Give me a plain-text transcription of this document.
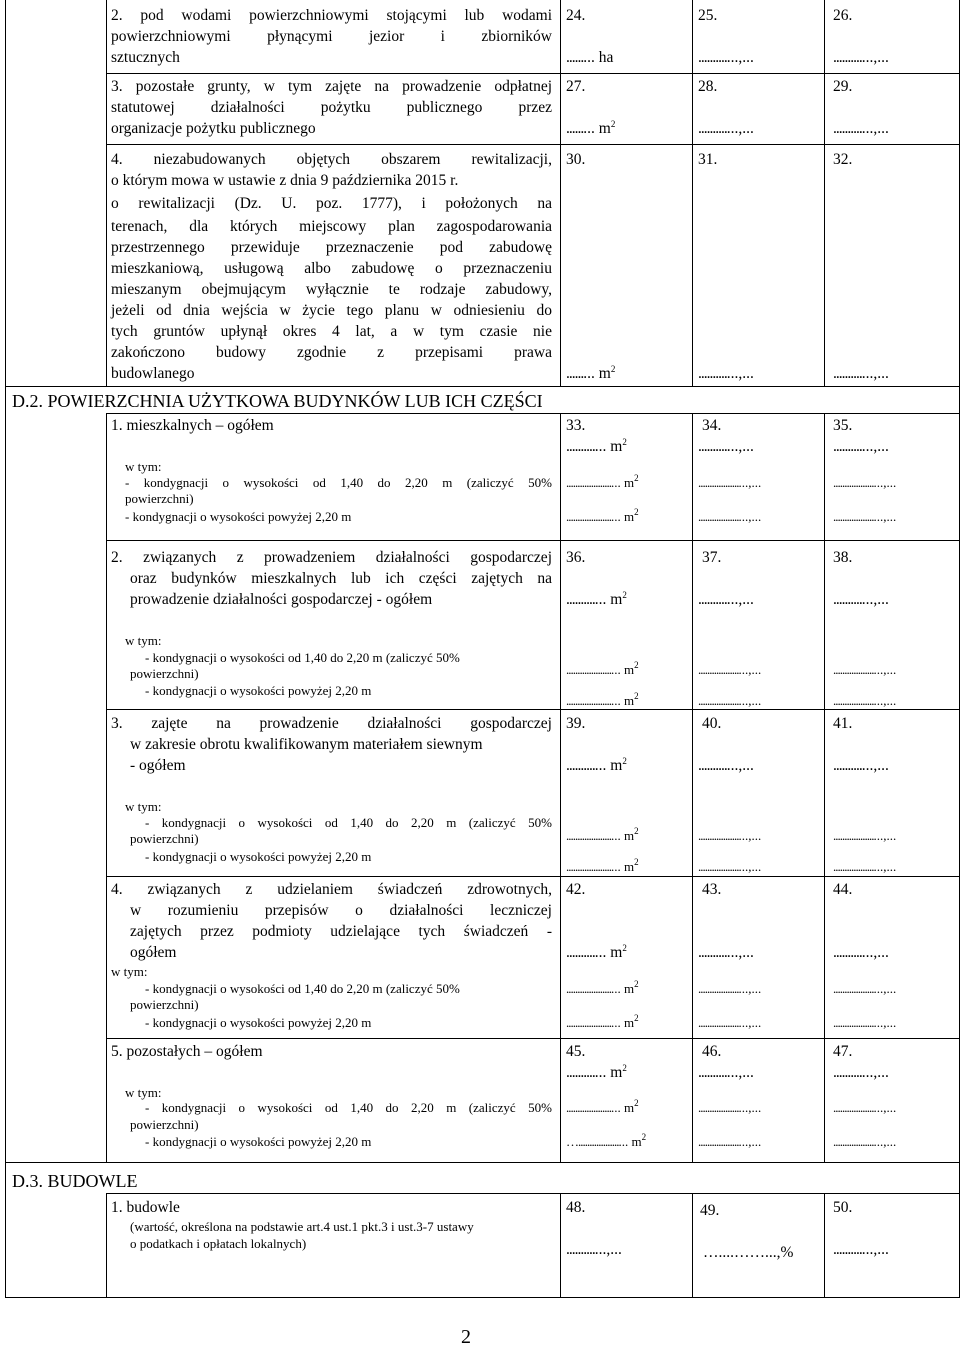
2. pod wodami powierzchniowymi stojącymi lub wodami
powierzchniowymi płynącymi jezior i zbiorników
sztucznych
24.	25.	26.
......... ha	.............,...	.............,...
3. pozostałe grunty, w tym zajęte na prowadzenie odpłatnej
statutowej działalności pożytku publicznego przez
organizacje pożytku publicznego
27.	28.	29.
......... $m^2$	.............,...	.............,...
4. niezabudowanych objętych obszarem rewitalizacji,
o którym mowa w ustawie z dnia 9 października 2015 r.
o rewitalizacji (Dz. U. poz. 1777), i położonych na
terenach, dla których miejscowy plan zagospodarowania
przestrzennego przewiduje przeznaczenie pod zabudowę
mieszkaniową, usługową albo zabudowę o przeznaczeniu
mieszanym obejmującym wyłącznie te rodzaje zabudowy,
jeżeli od dnia wejścia w życie tego planu w odniesieniu do
tych gruntów upłynął okres 4 lat, a w tym czasie nie
zakończono budowy zgodnie z przepisami prawa
budowlanego
30.	31.	32.
......... $m^2$	.............,...	.............,...
D.2. POWIERZCHNIA UŻYTKOWA BUDYNKÓW LUB ICH CZĘŚCI
1. mieszkalnych – ogółem
w tym:
- kondygnacji o wysokości od 1,40 do 2,20 m (zaliczyć 50%
powierzchni)
- kondygnacji o wysokości powyżej 2,20 m
33.	34.	35.
............. $m^2$	.............,...	.............,...
....................... $m^2$	.....................,...	.....................,...
....................... $m^2$	.....................,...	.....................,...
2. związanych z prowadzeniem działalności gospodarczej
oraz budynków mieszkalnych lub ich części zajętych na
prowadzenie działalności gospodarczej - ogółem
w tym:
- kondygnacji o wysokości od 1,40 do 2,20 m (zaliczyć 50%
powierzchni)
- kondygnacji o wysokości powyżej 2,20 m
36.	37.	38.
............. $m^2$	.............,...	.............,...
....................... $m^2$	.....................,...	.....................,...
....................... $m^2$	.....................,...	.....................,...
3. zajęte na prowadzenie działalności gospodarczej
w zakresie obrotu kwalifikowanym materiałem siewnym
- ogółem
w tym:
- kondygnacji o wysokości od 1,40 do 2,20 m (zaliczyć 50%
powierzchni)
- kondygnacji o wysokości powyżej 2,20 m
39.	40.	41.
............. $m^2$	.............,...	.............,...
....................... $m^2$	.....................,...	.....................,...
....................... $m^2$	.....................,...	.....................,...
4. związanych z udzielaniem świadczeń zdrowotnych,
w rozumieniu przepisów o działalności leczniczej
zajętych przez podmioty udzielające tych świadczeń -
ogółem
w tym:
- kondygnacji o wysokości od 1,40 do 2,20 m (zaliczyć 50%
powierzchni)
- kondygnacji o wysokości powyżej 2,20 m
42.	43.	44.
............. $m^2$	.............,...	.............,...
....................... $m^2$	.....................,...	.....................,...
....................... $m^2$	.....................,...	.....................,...
5. pozostałych – ogółem
w tym:
- kondygnacji o wysokości od 1,40 do 2,20 m (zaliczyć 50%
powierzchni)
- kondygnacji o wysokości powyżej 2,20 m
45.	46.	47.
............. $m^2$	.............,...	.............,...
....................... $m^2$	.....................,...	.....................,...
…..................... $m^2$	.....................,...	.....................,...
D.3. BUDOWLE
1. budowle
(wartość, określona na podstawie art.4 ust.1 pkt.3 i ust.3-7 ustawy
o podatkach i opłatach lokalnych)
48.	49.	50.
.............,...	…....……...,%	.............,...
2
